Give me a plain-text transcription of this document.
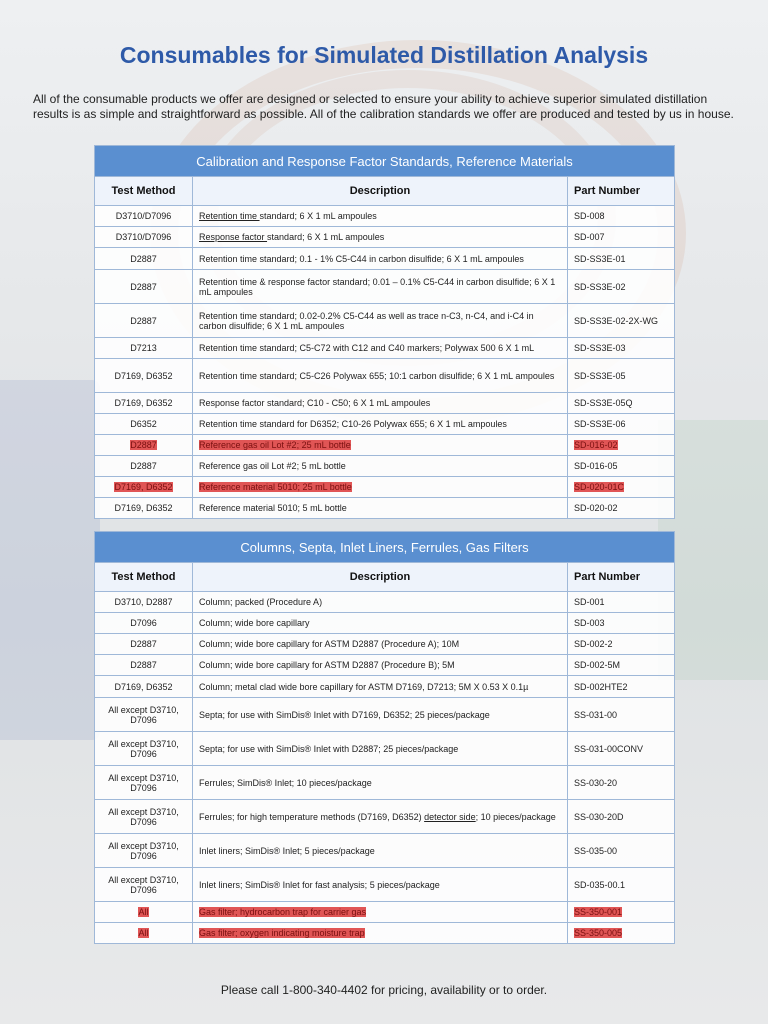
Consumables for Simulated Distillation Analysis
All of the consumable products we offer are designed or selected to ensure your ability to achieve superior simulated distillation results is as simple and straightforward as possible. All of the calibration standards we offer are produced and tested by us in house.
Calibration and Response Factor Standards, Reference Materials		
Test Method	Description	Part Number
D3710/D7096	Retention time standard; 6 X 1 mL ampoules	SD-008
D3710/D7096	Response factor standard; 6 X 1 mL ampoules	SD-007
D2887	Retention time standard; 0.1 - 1% C5-C44 in carbon disulfide; 6 X 1 mL ampoules	SD-SS3E-01
D2887	Retention time & response factor standard; 0.01 – 0.1% C5-C44 in carbon disulfide; 6 X 1 mL ampoules	SD-SS3E-02
D2887	Retention time standard; 0.02-0.2% C5-C44 as well as trace n-C3, n-C4, and i-C4 in carbon disulfide; 6 X 1 mL ampoules	SD-SS3E-02-2X-WG
D7213	Retention time standard; C5-C72 with C12 and C40 markers; Polywax 500 6 X 1 mL	SD-SS3E-03
D7169, D6352	Retention time standard; C5-C26 Polywax 655; 10:1 carbon disulfide; 6 X 1 mL ampoules	SD-SS3E-05
D7169, D6352	Response factor standard; C10 - C50; 6 X 1 mL ampoules	SD-SS3E-05Q
D6352	Retention time standard for D6352; C10-26 Polywax 655; 6 X 1 mL ampoules	SD-SS3E-06
D2887	Reference gas oil Lot #2; 25 mL bottle	SD-016-02
D2887	Reference gas oil Lot #2; 5 mL bottle	SD-016-05
D7169, D6352	Reference material 5010; 25 mL bottle	SD-020-01C
D7169, D6352	Reference material 5010; 5 mL bottle	SD-020-02
Columns, Septa, Inlet Liners, Ferrules, Gas Filters		
Test Method	Description	Part Number
D3710, D2887	Column; packed (Procedure A)	SD-001
D7096	Column; wide bore capillary	SD-003
D2887	Column; wide bore capillary for ASTM D2887 (Procedure A); 10M	SD-002-2
D2887	Column; wide bore capillary for ASTM D2887 (Procedure B); 5M	SD-002-5M
D7169, D6352	Column; metal clad wide bore capillary for ASTM D7169, D7213; 5M X 0.53 X 0.1µ	SD-002HTE2
All except D3710, D7096	Septa; for use with SimDis® Inlet with D7169, D6352; 25 pieces/package	SS-031-00
All except D3710, D7096	Septa; for use with SimDis® Inlet with D2887; 25 pieces/package	SS-031-00CONV
All except D3710, D7096	Ferrules; SimDis® Inlet; 10 pieces/package	SS-030-20
All except D3710, D7096	Ferrules; for high temperature methods (D7169, D6352) detector side; 10 pieces/package	SS-030-20D
All except D3710, D7096	Inlet liners; SimDis® Inlet; 5 pieces/package	SS-035-00
All except D3710, D7096	Inlet liners; SimDis® Inlet for fast analysis; 5 pieces/package	SD-035-00.1
All	Gas filter; hydrocarbon trap for carrier gas	SS-350-001
All	Gas filter; oxygen indicating moisture trap	SS-350-005
Please call 1-800-340-4402 for pricing, availability or to order.
